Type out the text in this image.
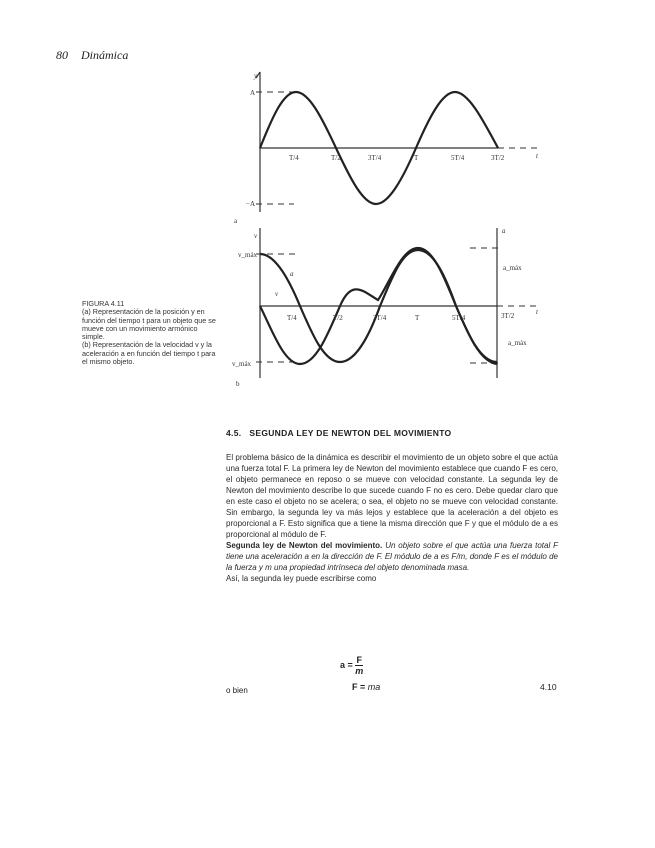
80 Dinámica
y
A
−A
T/4	T/2	3T/4	T	5T/4	3T/2	t
a
v
a
v_máx
v_máx
a_máx
a_máx
a
v
T/4	T/2	3T/4	T	5T/4	3T/2	t
b
FIGURA 4.11
(a) Representación de la posición y en función del tiempo t para un objeto que se mueve con un movimiento armónico simple.
(b) Representación de la velocidad v y la aceleración a en función del tiempo t para el mismo objeto.
4.5. SEGUNDA LEY DE NEWTON DEL MOVIMIENTO

El problema básico de la dinámica es describir el movimiento de un objeto sobre el que actúa una fuerza total F. La primera ley de Newton del movimiento establece que cuando F es cero, el objeto permanece en reposo o se mueve con velocidad constante. La segunda ley de Newton del movimiento describe lo que sucede cuando F no es cero. Debe quedar claro que en este caso el objeto no se acelera; o sea, el objeto no se mueve con velocidad constante. Sin embargo, la segunda ley va más lejos y establece que la aceleración a del objeto es proporcional a F. Esto significa que a tiene la misma dirección que F y que el módulo de a es proporcional al módulo de F.

Segunda ley de Newton del movimiento. Un objeto sobre el que actúa una fuerza total F tiene una aceleración a en la dirección de F. El módulo de a es F/m, donde F es el módulo de la fuerza y m una propiedad intrínseca del objeto denominada masa.

Así, la segunda ley puede escribirse como

$a = \frac{F}{m}$
o bien	F = ma	4.10
